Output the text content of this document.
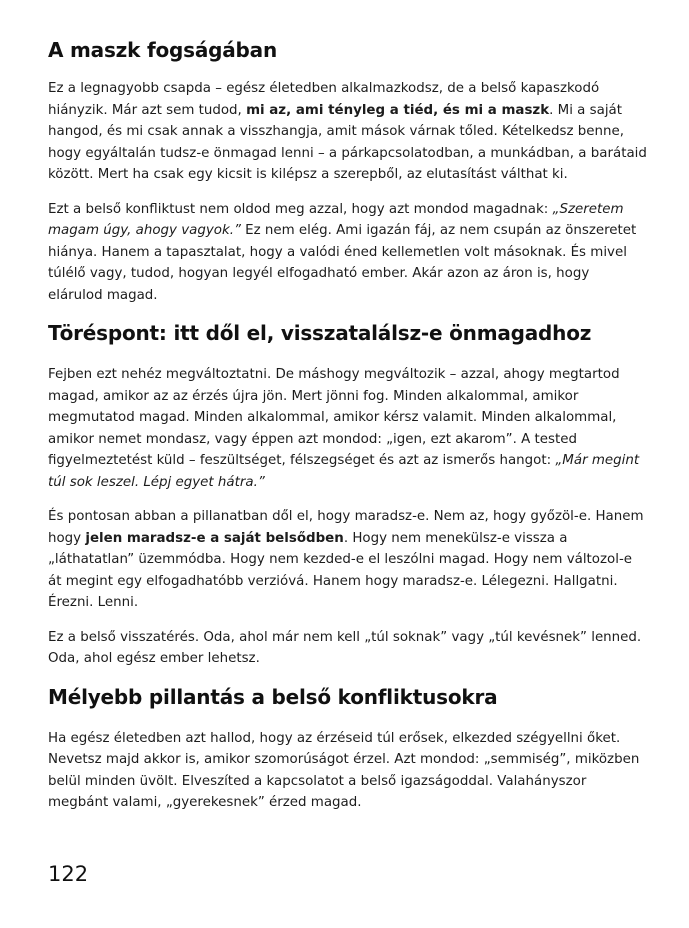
A maszk fogságában

Ez a legnagyobb csapda – egész életedben alkalmazkodsz, de a belső kapaszkodó hiányzik. Már azt sem tudod, mi az, ami tényleg a tiéd, és mi a maszk. Mi a saját hangod, és mi csak annak a visszhangja, amit mások várnak tőled. Kételkedsz benne, hogy egyáltalán tudsz-e önmagad lenni – a párkapcsolatodban, a munkádban, a barátaid között. Mert ha csak egy kicsit is kilépsz a szerepből, az elutasítást válthat ki.

Ezt a belső konfliktust nem oldod meg azzal, hogy azt mondod magadnak: „Szeretem magam úgy, ahogy vagyok.” Ez nem elég. Ami igazán fáj, az nem csupán az önszeretet hiánya. Hanem a tapasztalat, hogy a valódi éned kellemetlen volt másoknak. És mivel túlélő vagy, tudod, hogyan legyél elfogadható ember. Akár azon az áron is, hogy elárulod magad.

Töréspont: itt dől el, visszatalálsz-e önmagadhoz

Fejben ezt nehéz megváltoztatni. De máshogy megváltozik – azzal, ahogy megtartod magad, amikor az az érzés újra jön. Mert jönni fog. Minden alkalommal, amikor megmutatod magad. Minden alkalommal, amikor kérsz valamit. Minden alkalommal, amikor nemet mondasz, vagy éppen azt mondod: „igen, ezt akarom”. A tested figyelmeztetést küld – feszültséget, félszegséget és azt az ismerős hangot: „Már megint túl sok leszel. Lépj egyet hátra.”

És pontosan abban a pillanatban dől el, hogy maradsz-e. Nem az, hogy győzöl-e. Hanem hogy jelen maradsz-e a saját belsődben. Hogy nem menekülsz-e vissza a „láthatatlan” üzemmódba. Hogy nem kezded-e el leszólni magad. Hogy nem változol-e át megint egy elfogadhatóbb verzióvá. Hanem hogy maradsz-e. Lélegezni. Hallgatni. Érezni. Lenni.

Ez a belső visszatérés. Oda, ahol már nem kell „túl soknak” vagy „túl kevésnek” lenned. Oda, ahol egész ember lehetsz.

Mélyebb pillantás a belső konfliktusokra

Ha egész életedben azt hallod, hogy az érzéseid túl erősek, elkezded szégyellni őket. Nevetsz majd akkor is, amikor szomorúságot érzel. Azt mondod: „semmiség”, miközben belül minden üvölt. Elveszíted a kapcsolatot a belső igazságoddal. Valahányszor megbánt valami, „gyerekesnek” érzed magad.

122
